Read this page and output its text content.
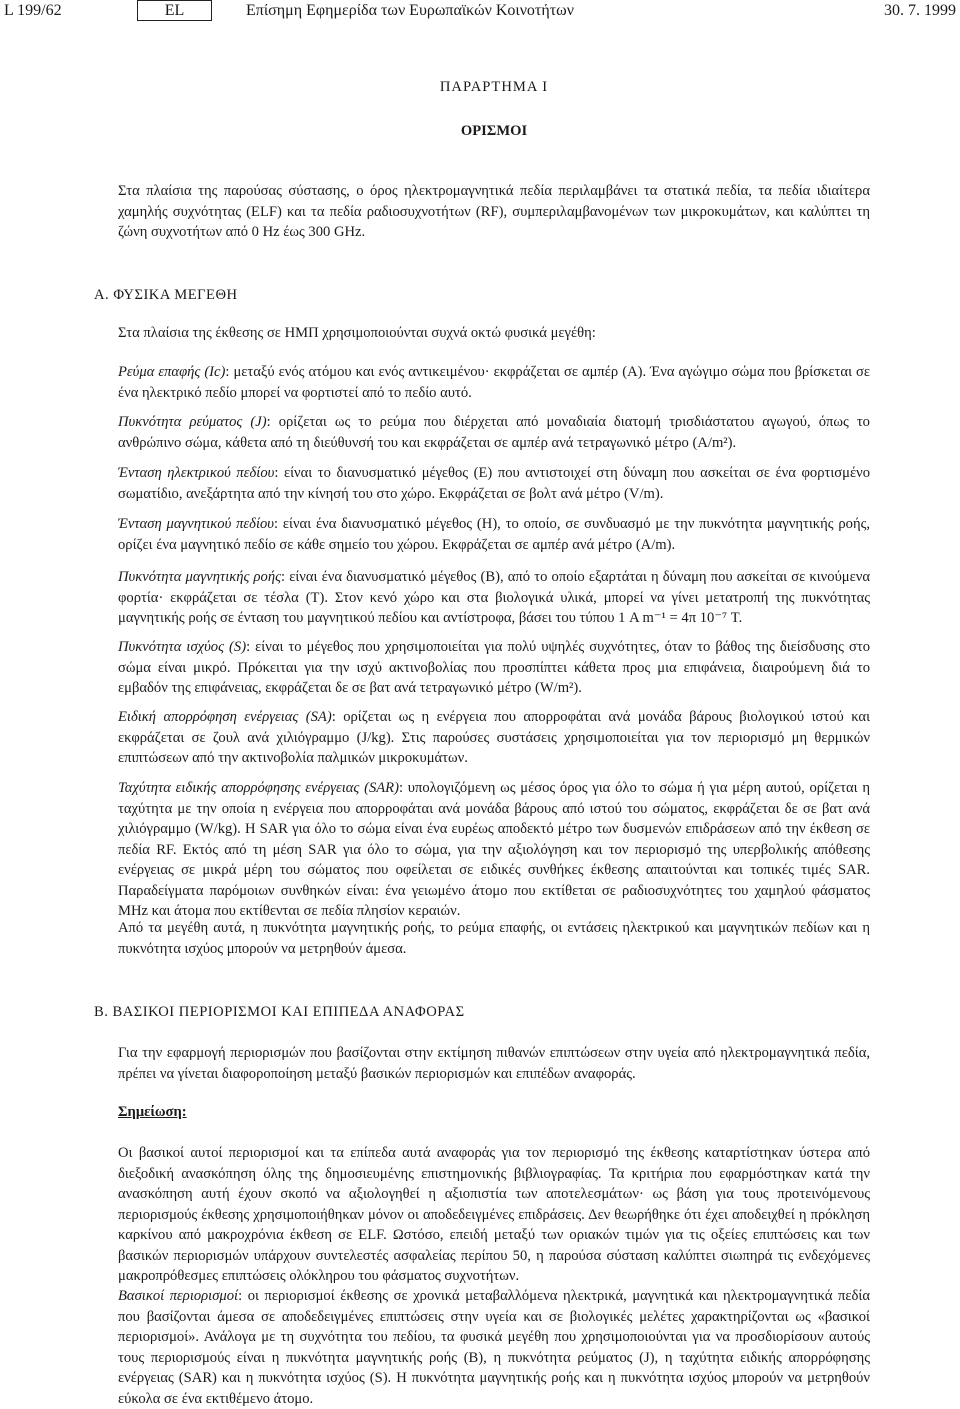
L 199/62	EL	Επίσημη Εφημερίδα των Ευρωπαϊκών Κοινοτήτων	30. 7. 1999
ΠΑΡΑΡΤΗΜΑ I
ΟΡΙΣΜΟΙ

Στα πλαίσια της παρούσας σύστασης, ο όρος ηλεκτρομαγνητικά πεδία περιλαμβάνει τα στατικά πεδία, τα πεδία ιδιαίτερα χαμηλής συχνότητας (ELF) και τα πεδία ραδιοσυχνοτήτων (RF), συμπεριλαμβανομένων των μικροκυμάτων, και καλύπτει τη ζώνη συχνοτήτων από 0 Hz έως 300 GHz.

Α. ΦΥΣΙΚΑ ΜΕΓΕΘΗ

Στα πλαίσια της έκθεσης σε ΗΜΠ χρησιμοποιούνται συχνά οκτώ φυσικά μεγέθη:

Ρεύμα επαφής (Ic): μεταξύ ενός ατόμου και ενός αντικειμένου· εκφράζεται σε αμπέρ (A). Ένα αγώγιμο σώμα που βρίσκεται σε ένα ηλεκτρικό πεδίο μπορεί να φορτιστεί από το πεδίο αυτό.

Πυκνότητα ρεύματος (J): ορίζεται ως το ρεύμα που διέρχεται από μοναδιαία διατομή τρισδιάστατου αγωγού, όπως το ανθρώπινο σώμα, κάθετα από τη διεύθυνσή του και εκφράζεται σε αμπέρ ανά τετραγωνικό μέτρο (A/m²).

Ένταση ηλεκτρικού πεδίου: είναι το διανυσματικό μέγεθος (E) που αντιστοιχεί στη δύναμη που ασκείται σε ένα φορτισμένο σωματίδιο, ανεξάρτητα από την κίνησή του στο χώρο. Εκφράζεται σε βολτ ανά μέτρο (V/m).

Ένταση μαγνητικού πεδίου: είναι ένα διανυσματικό μέγεθος (H), το οποίο, σε συνδυασμό με την πυκνότητα μαγνητικής ροής, ορίζει ένα μαγνητικό πεδίο σε κάθε σημείο του χώρου. Εκφράζεται σε αμπέρ ανά μέτρο (A/m).

Πυκνότητα μαγνητικής ροής: είναι ένα διανυσματικό μέγεθος (B), από το οποίο εξαρτάται η δύναμη που ασκείται σε κινούμενα φορτία· εκφράζεται σε τέσλα (T). Στον κενό χώρο και στα βιολογικά υλικά, μπορεί να γίνει μετατροπή της πυκνότητας μαγνητικής ροής σε ένταση του μαγνητικού πεδίου και αντίστροφα, βάσει του τύπου 1 A m⁻¹ = 4π 10⁻⁷ T.

Πυκνότητα ισχύος (S): είναι το μέγεθος που χρησιμοποιείται για πολύ υψηλές συχνότητες, όταν το βάθος της διείσδυσης στο σώμα είναι μικρό. Πρόκειται για την ισχύ ακτινοβολίας που προσπίπτει κάθετα προς μια επιφάνεια, διαιρούμενη διά το εμβαδόν της επιφάνειας, εκφράζεται δε σε βατ ανά τετραγωνικό μέτρο (W/m²).

Ειδική απορρόφηση ενέργειας (SA): ορίζεται ως η ενέργεια που απορροφάται ανά μονάδα βάρους βιολογικού ιστού και εκφράζεται σε ζουλ ανά χιλιόγραμμο (J/kg). Στις παρούσες συστάσεις χρησιμοποιείται για τον περιορισμό μη θερμικών επιπτώσεων από την ακτινοβολία παλμικών μικροκυμάτων.

Ταχύτητα ειδικής απορρόφησης ενέργειας (SAR): υπολογιζόμενη ως μέσος όρος για όλο το σώμα ή για μέρη αυτού, ορίζεται η ταχύτητα με την οποία η ενέργεια που απορροφάται ανά μονάδα βάρους από ιστού του σώματος, εκφράζεται δε σε βατ ανά χιλιόγραμμο (W/kg). Η SAR για όλο το σώμα είναι ένα ευρέως αποδεκτό μέτρο των δυσμενών επιδράσεων από την έκθεση σε πεδία RF. Εκτός από τη μέση SAR για όλο το σώμα, για την αξιολόγηση και τον περιορισμό της υπερβολικής απόθεσης ενέργειας σε μικρά μέρη του σώματος που οφείλεται σε ειδικές συνθήκες έκθεσης απαιτούνται και τοπικές τιμές SAR. Παραδείγματα παρόμοιων συνθηκών είναι: ένα γειωμένο άτομο που εκτίθεται σε ραδιοσυχνότητες του χαμηλού φάσματος MHz και άτομα που εκτίθενται σε πεδία πλησίον κεραιών.

Από τα μεγέθη αυτά, η πυκνότητα μαγνητικής ροής, το ρεύμα επαφής, οι εντάσεις ηλεκτρικού και μαγνητικών πεδίων και η πυκνότητα ισχύος μπορούν να μετρηθούν άμεσα.

Β. ΒΑΣΙΚΟΙ ΠΕΡΙΟΡΙΣΜΟΙ ΚΑΙ ΕΠΙΠΕΔΑ ΑΝΑΦΟΡΑΣ

Για την εφαρμογή περιορισμών που βασίζονται στην εκτίμηση πιθανών επιπτώσεων στην υγεία από ηλεκτρομαγνητικά πεδία, πρέπει να γίνεται διαφοροποίηση μεταξύ βασικών περιορισμών και επιπέδων αναφοράς.

Σημείωση:

Οι βασικοί αυτοί περιορισμοί και τα επίπεδα αυτά αναφοράς για τον περιορισμό της έκθεσης καταρτίστηκαν ύστερα από διεξοδική ανασκόπηση όλης της δημοσιευμένης επιστημονικής βιβλιογραφίας. Τα κριτήρια που εφαρμόστηκαν κατά την ανασκόπηση αυτή έχουν σκοπό να αξιολογηθεί η αξιοπιστία των αποτελεσμάτων· ως βάση για τους προτεινόμενους περιορισμούς έκθεσης χρησιμοποιήθηκαν μόνον οι αποδεδειγμένες επιδράσεις. Δεν θεωρήθηκε ότι έχει αποδειχθεί η πρόκληση καρκίνου από μακροχρόνια έκθεση σε ELF. Ωστόσο, επειδή μεταξύ των οριακών τιμών για τις οξείες επιπτώσεις και των βασικών περιορισμών υπάρχουν συντελεστές ασφαλείας περίπου 50, η παρούσα σύσταση καλύπτει σιωπηρά τις ενδεχόμενες μακροπρόθεσμες επιπτώσεις ολόκληρου του φάσματος συχνοτήτων.

Βασικοί περιορισμοί: οι περιορισμοί έκθεσης σε χρονικά μεταβαλλόμενα ηλεκτρικά, μαγνητικά και ηλεκτρομαγνητικά πεδία που βασίζονται άμεσα σε αποδεδειγμένες επιπτώσεις στην υγεία και σε βιολογικές μελέτες χαρακτηρίζονται ως «βασικοί περιορισμοί». Ανάλογα με τη συχνότητα του πεδίου, τα φυσικά μεγέθη που χρησιμοποιούνται για να προσδιορίσουν αυτούς τους περιορισμούς είναι η πυκνότητα μαγνητικής ροής (B), η πυκνότητα ρεύματος (J), η ταχύτητα ειδικής απορρόφησης ενέργειας (SAR) και η πυκνότητα ισχύος (S). Η πυκνότητα μαγνητικής ροής και η πυκνότητα ισχύος μπορούν να μετρηθούν εύκολα σε ένα εκτιθέμενο άτομο.
